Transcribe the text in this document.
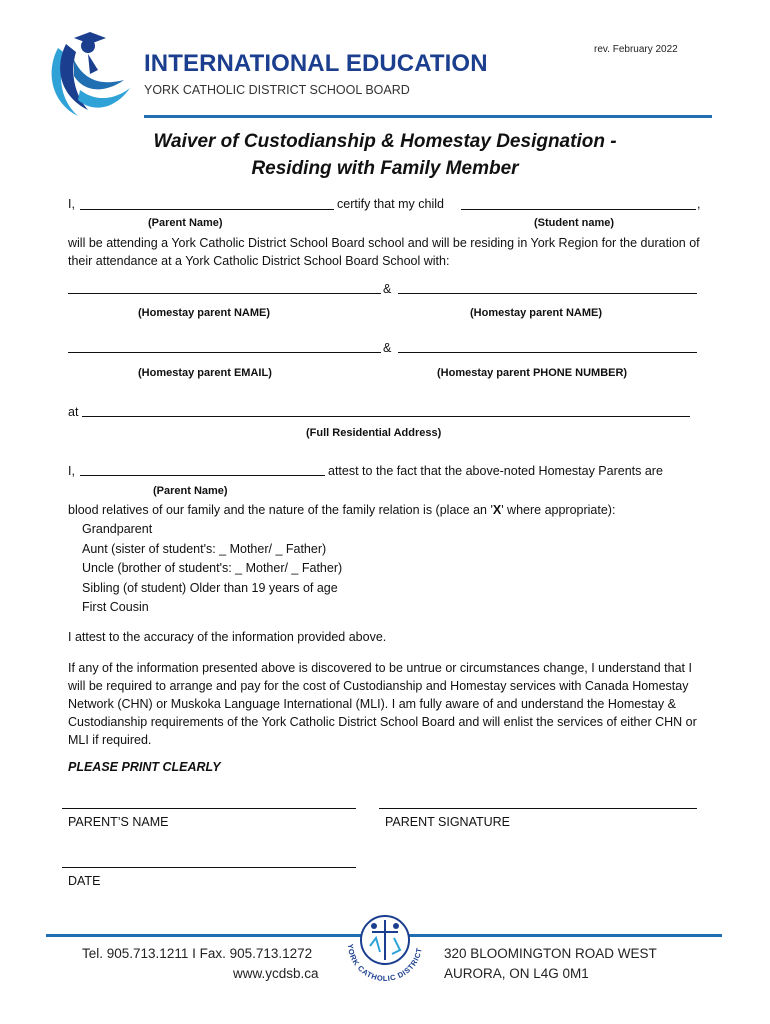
INTERNATIONAL EDUCATION
YORK CATHOLIC DISTRICT SCHOOL BOARD
rev. February 2022
Waiver of Custodianship & Homestay Designation -
Residing with Family Member
I,	certify that my child	,
(Parent Name)	(Student name)
will be attending a York Catholic District School Board school and will be residing in York Region for the duration of their attendance at a York Catholic District School Board School with:
&
(Homestay parent NAME)	(Homestay parent NAME)
&
(Homestay parent EMAIL)	(Homestay parent PHONE NUMBER)
at
(Full Residential Address)
I,	attest to the fact that the above-noted Homestay Parents are
(Parent Name)
blood relatives of our family and the nature of the family relation is (place an 'X' where appropriate):
Grandparent
Aunt (sister of student's: _ Mother/ _ Father)
Uncle (brother of student's: _ Mother/ _ Father)
Sibling (of student) Older than 19 years of age
First Cousin
I attest to the accuracy of the information provided above.
If any of the information presented above is discovered to be untrue or circumstances change, I understand that I will be required to arrange and pay for the cost of Custodianship and Homestay services with Canada Homestay Network (CHN) or Muskoka Language International (MLI). I am fully aware of and understand the Homestay & Custodianship requirements of the York Catholic District School Board and will enlist the services of either CHN or MLI if required.
PLEASE PRINT CLEARLY
PARENT’S NAME	PARENT SIGNATURE
DATE
Tel. 905.713.1211 I Fax. 905.713.1272
www.ycdsb.ca
320 BLOOMINGTON ROAD WEST
AURORA, ON L4G 0M1
YORK CATHOLIC DISTRICT
